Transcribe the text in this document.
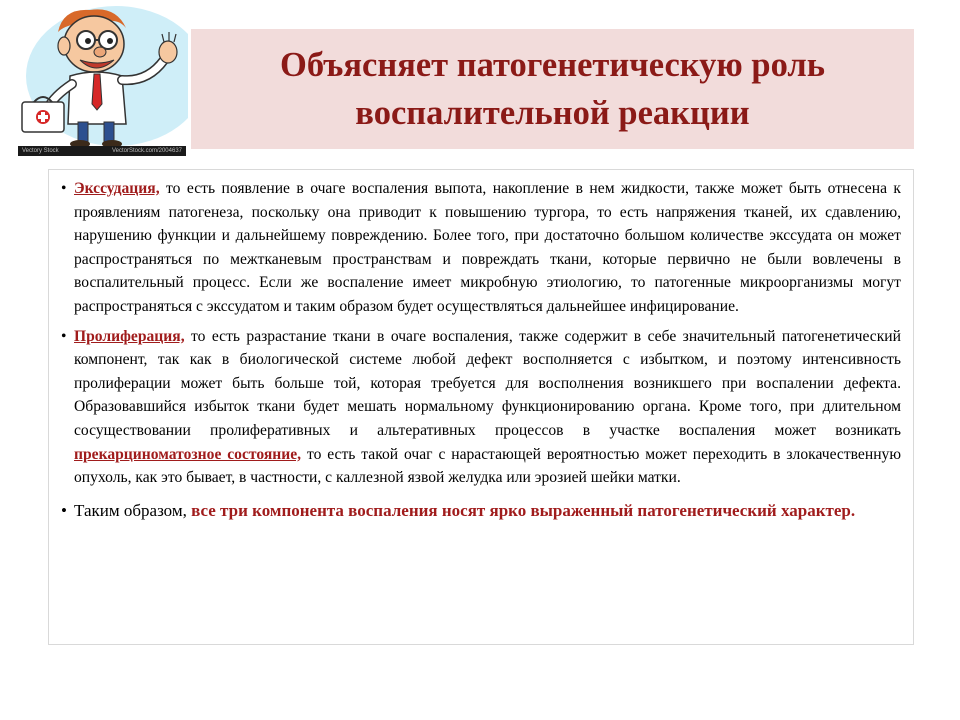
Vectory Stock	VectorStock.com/2004637
Объясняет патогенетическую роль
воспалительной реакции

• Экссудация, то есть появление в очаге воспаления выпота, накопление в нем жидкости, также может быть отнесена к проявлениям патогенеза, поскольку она приводит к повышению тургора, то есть напряжения тканей, их сдавлению, нарушению функции и дальнейшему повреждению. Более того, при достаточно большом количестве экссудата он может распространяться по межтканевым пространствам и повреждать ткани, которые первично не были вовлечены в воспалительный процесс. Если же воспаление имеет микробную этиологию, то патогенные микроорганизмы могут распространяться с экссудатом и таким образом будет осуществляться дальнейшее инфицирование.

• Пролиферация, то есть разрастание ткани в очаге воспаления, также содержит в себе значительный патогенетический компонент, так как в биологической системе любой дефект восполняется с избытком, и поэтому интенсивность пролиферации может быть больше той, которая требуется для восполнения возникшего при воспалении дефекта. Образовавшийся избыток ткани будет мешать нормальному функционированию органа. Кроме того, при длительном сосуществовании пролиферативных и альтеративных процессов в участке воспаления может возникать прекарциноматозное состояние, то есть такой очаг с нарастающей вероятностью может переходить в злокачественную опухоль, как это бывает, в частности, с каллезной язвой желудка или эрозией шейки матки.

• Таким образом, все три компонента воспаления носят ярко выраженный патогенетический характер.
